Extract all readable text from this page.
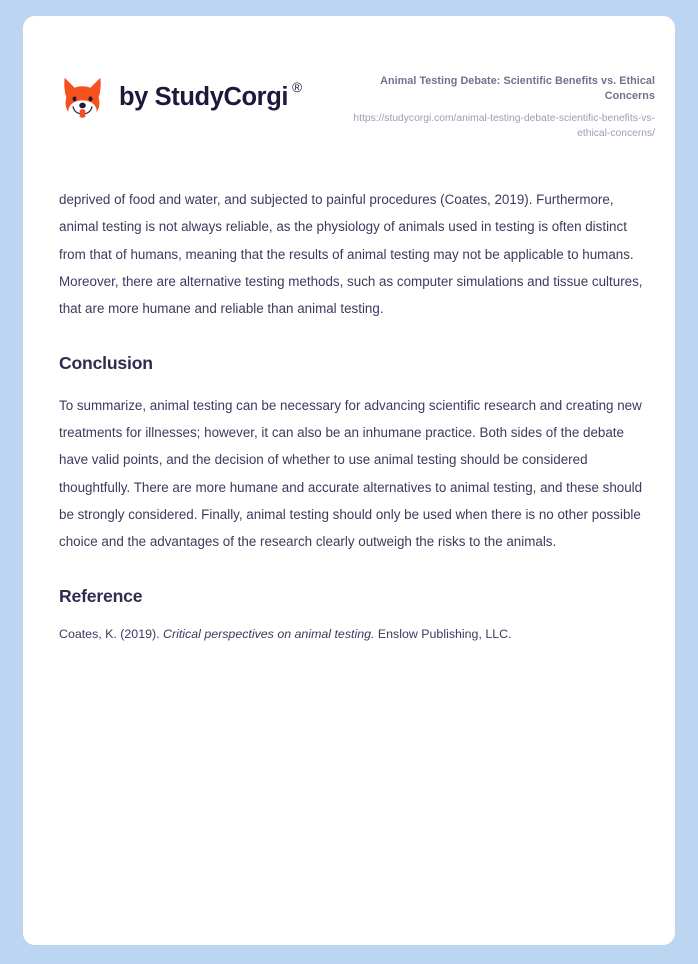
by StudyCorgi ®	Animal Testing Debate: Scientific Benefits vs. Ethical Concerns
https://studycorgi.com/animal-testing-debate-scientific-benefits-vs-ethical-concerns/

deprived of food and water, and subjected to painful procedures (Coates, 2019). Furthermore, animal testing is not always reliable, as the physiology of animals used in testing is often distinct from that of humans, meaning that the results of animal testing may not be applicable to humans. Moreover, there are alternative testing methods, such as computer simulations and tissue cultures, that are more humane and reliable than animal testing.

Conclusion

To summarize, animal testing can be necessary for advancing scientific research and creating new treatments for illnesses; however, it can also be an inhumane practice. Both sides of the debate have valid points, and the decision of whether to use animal testing should be considered thoughtfully. There are more humane and accurate alternatives to animal testing, and these should be strongly considered. Finally, animal testing should only be used when there is no other possible choice and the advantages of the research clearly outweigh the risks to the animals.

Reference

Coates, K. (2019). Critical perspectives on animal testing. Enslow Publishing, LLC.
